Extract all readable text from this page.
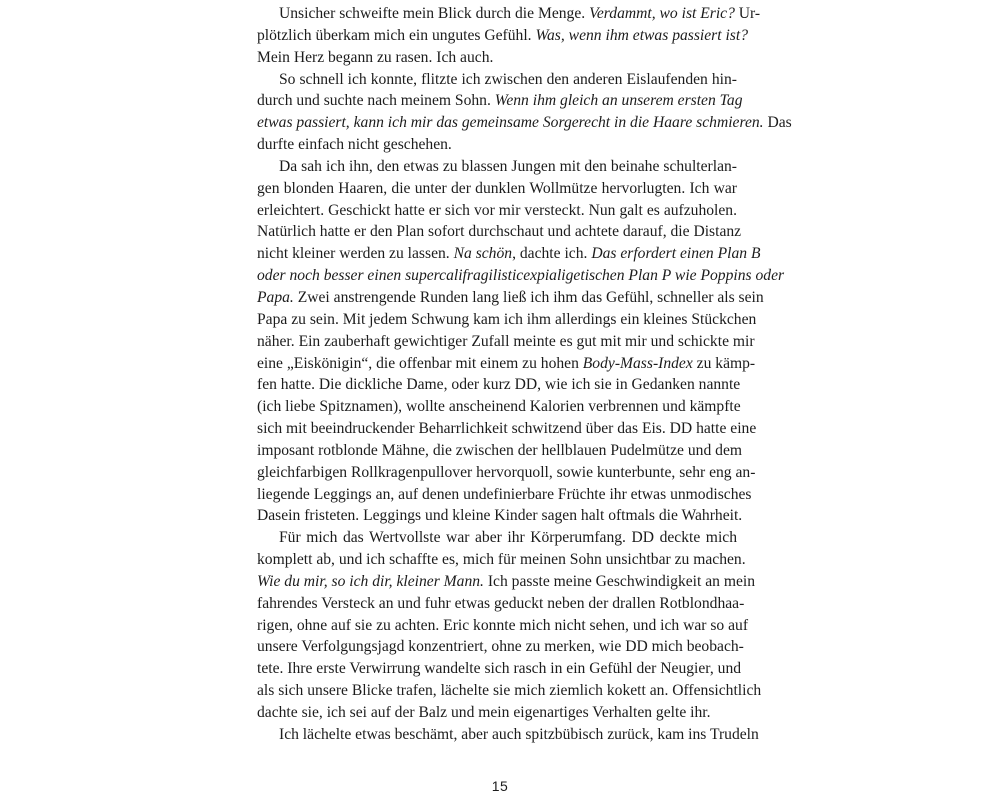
Unsicher schweifte mein Blick durch die Menge. Verdammt, wo ist Eric? Ur-
plötzlich überkam mich ein ungutes Gefühl. Was, wenn ihm etwas passiert ist?
Mein Herz begann zu rasen. Ich auch.
So schnell ich konnte, flitzte ich zwischen den anderen Eislaufenden hin-
durch und suchte nach meinem Sohn. Wenn ihm gleich an unserem ersten Tag
etwas passiert, kann ich mir das gemeinsame Sorgerecht in die Haare schmieren. Das
durfte einfach nicht geschehen.
Da sah ich ihn, den etwas zu blassen Jungen mit den beinahe schulterlan-
gen blonden Haaren, die unter der dunklen Wollmütze hervorlugten. Ich war
erleichtert. Geschickt hatte er sich vor mir versteckt. Nun galt es aufzuholen.
Natürlich hatte er den Plan sofort durchschaut und achtete darauf, die Distanz
nicht kleiner werden zu lassen. Na schön, dachte ich. Das erfordert einen Plan B
oder noch besser einen supercalifragilisticexpialigetischen Plan P wie Poppins oder
Papa. Zwei anstrengende Runden lang ließ ich ihm das Gefühl, schneller als sein
Papa zu sein. Mit jedem Schwung kam ich ihm allerdings ein kleines Stückchen
näher. Ein zauberhaft gewichtiger Zufall meinte es gut mit mir und schickte mir
eine „Eiskönigin“, die offenbar mit einem zu hohen Body-Mass-Index zu kämp-
fen hatte. Die dickliche Dame, oder kurz DD, wie ich sie in Gedanken nannte
(ich liebe Spitznamen), wollte anscheinend Kalorien verbrennen und kämpfte
sich mit beeindruckender Beharrlichkeit schwitzend über das Eis. DD hatte eine
imposant rotblonde Mähne, die zwischen der hellblauen Pudelmütze und dem
gleichfarbigen Rollkragenpullover hervorquoll, sowie kunterbunte, sehr eng an-
liegende Leggings an, auf denen undefinierbare Früchte ihr etwas unmodisches
Dasein fristeten. Leggings und kleine Kinder sagen halt oftmals die Wahrheit.
Für mich das Wertvollste war aber ihr Körperumfang. DD deckte mich
komplett ab, und ich schaffte es, mich für meinen Sohn unsichtbar zu machen.
Wie du mir, so ich dir, kleiner Mann. Ich passte meine Geschwindigkeit an mein
fahrendes Versteck an und fuhr etwas geduckt neben der drallen Rotblondhaa-
rigen, ohne auf sie zu achten. Eric konnte mich nicht sehen, und ich war so auf
unsere Verfolgungsjagd konzentriert, ohne zu merken, wie DD mich beobach-
tete. Ihre erste Verwirrung wandelte sich rasch in ein Gefühl der Neugier, und
als sich unsere Blicke trafen, lächelte sie mich ziemlich kokett an. Offensichtlich
dachte sie, ich sei auf der Balz und mein eigenartiges Verhalten gelte ihr.
Ich lächelte etwas beschämt, aber auch spitzbübisch zurück, kam ins Trudeln
15
